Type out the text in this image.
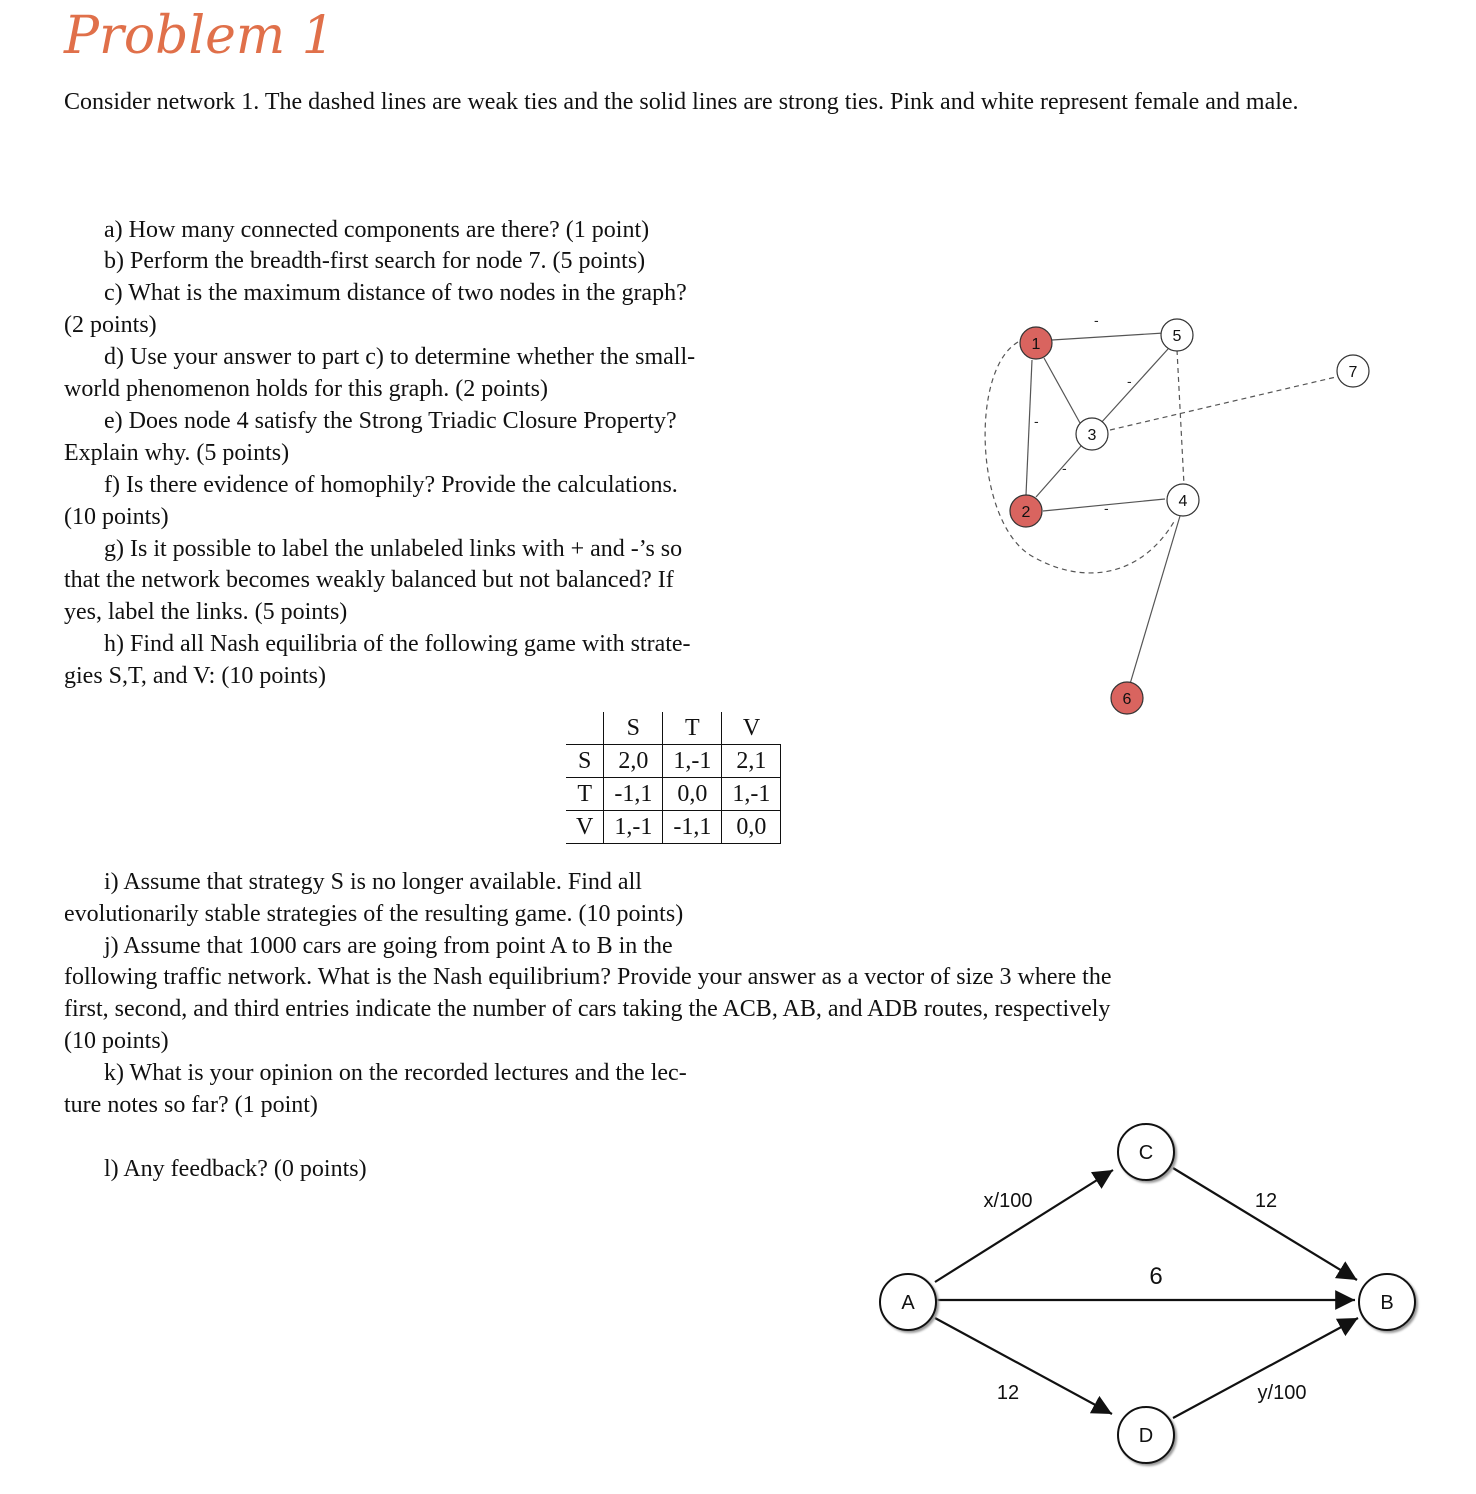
Problem 1
Consider network 1. The dashed lines are weak ties and the solid lines are strong ties. Pink and white represent female and male.
a) How many connected components are there? (1 point)
b) Perform the breadth-first search for node 7. (5 points)
c) What is the maximum distance of two nodes in the graph?
(2 points)
d) Use your answer to part c) to determine whether the small-
world phenomenon holds for this graph. (2 points)
e) Does node 4 satisfy the Strong Triadic Closure Property?
Explain why. (5 points)
f) Is there evidence of homophily? Provide the calculations.
(10 points)
g) Is it possible to label the unlabeled links with + and -’s so
that the network becomes weakly balanced but not balanced? If
yes, label the links. (5 points)
h) Find all Nash equilibria of the following game with strate-
gies S,T, and V: (10 points)
	S	T	V
S	2,0	1,-1	2,1
T	-1,1	0,0	1,-1
V	1,-1	-1,1	0,0
i) Assume that strategy S is no longer available. Find all
evolutionarily stable strategies of the resulting game. (10 points)
j) Assume that 1000 cars are going from point A to B in the
following traffic network. What is the Nash equilibrium? Provide your answer as a vector of size 3 where the
first, second, and third entries indicate the number of cars taking the ACB, AB, and ADB routes, respectively
(10 points)
k) What is your opinion on the recorded lectures and the lec-
ture notes so far? (1 point)
l) Any feedback? (0 points)
-
-
-
-
-
1
2
3
4
5
6
7
x/100	12
6
12	y/100
A
C
B
D
